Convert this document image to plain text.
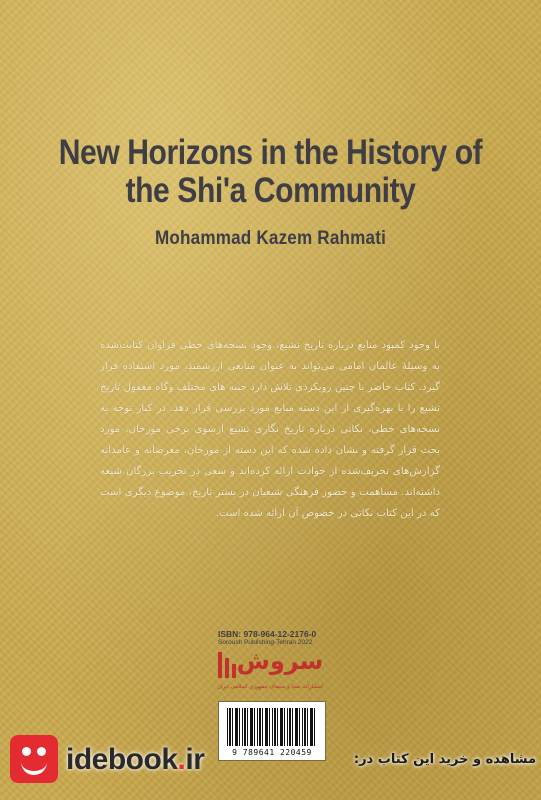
New Horizons in the History of
the Shi'a Community
Mohammad Kazem Rahmati
با وجود کمبود منابع درباره تاریخ تشیع، وجود نسخه‌های خطی فراوان کتابت‌شده به وسیلهٔ عالمان امامی می‌تواند به عنوان منابعی ارزشمند، مورد استفاده قرار گیرد. کتاب حاضر با چنین رویکردی تلاش دارد جنبه های مختلف وگاه مغفول تاریخ تشیع را با بهره‌گیری از این دسته منابع مورد بررسی قرار دهد. در کنار توجه به نسخه‌های خطی، نکاتی درباره تاریخ نگاری تشیع ازسوی برخی مورخان، مورد بحث قرار گرفته و نشان داده شده که این دسته از مورخان، مغرضانه و عامدانه گزارش‌های تحریف‌شده از حوادث ارائه کرده‌اند و سعی در تخریب بزرگان شیعه داشته‌اند. مساهمت و حضور فرهنگی شیعیان در بستر تاریخ، موضوع دیگری است که در این کتاب نکاتی در خصوص آن ارائه شده است.
ISBN: 978-964-12-2176-0
Soroush Publishing-Tehran 2022
سروش
انتشارات صدا و سیمای جمهوری اسلامی ایران
9 789641 220459
idebook.ir	مشاهده و خرید این کتاب در:
